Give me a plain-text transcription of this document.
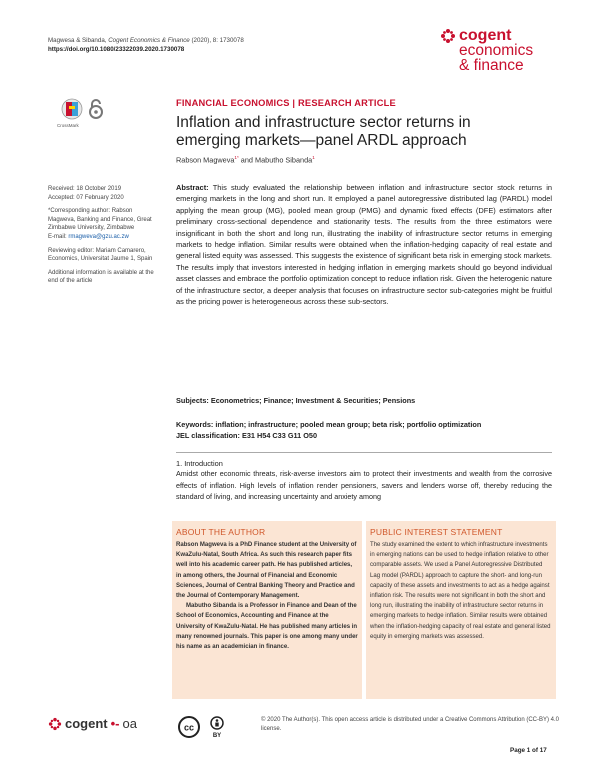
Magwesa & Sibanda, Cogent Economics & Finance (2020), 8: 1730078
https://doi.org/10.1080/23322039.2020.1730078
cogent
economics
& finance
CrossMark
FINANCIAL ECONOMICS | RESEARCH ARTICLE
Inflation and infrastructure sector returns in
emerging markets—panel ARDL approach
Rabson Magweva$^{1*}$ and Mabutho Sibanda$^1$

Received: 18 October 2019
Accepted: 07 February 2020

*Corresponding author: Rabson Magweva, Banking and Finance, Great Zimbabwe University, Zimbabwe
E-mail: rmagweva@gzu.ac.zw

Reviewing editor: Mariam Camarero, Economics, Universitat Jaume 1, Spain

Additional information is available at the end of the article

Abstract: This study evaluated the relationship between inflation and infrastructure sector stock returns in emerging markets in the long and short run. It employed a panel autoregressive distributed lag (PARDL) model applying the mean group (MG), pooled mean group (PMG) and dynamic fixed effects (DFE) estimators after preliminary cross-sectional dependence and stationarity tests. The results from the three estimators were insignificant in both the short and long run, illustrating the inability of infrastructure sector returns in emerging markets to hedge inflation. Similar results were obtained when the inflation-hedging capacity of real estate and general listed equity was assessed. This suggests the existence of significant beta risk in emerging stock markets. The results imply that investors interested in hedging inflation in emerging markets should go beyond individual asset classes and embrace the portfolio optimization concept to reduce inflation risk. Given the heterogenic nature of the infrastructure sector, a deeper analysis that focuses on infrastructure sector sub-categories might be fruitful as the pricing power is heterogeneous across these sub-sectors.
Subjects: Econometrics; Finance; Investment & Securities; Pensions
Keywords: inflation; infrastructure; pooled mean group; beta risk; portfolio optimization
JEL classification: E31 H54 C33 G11 O50
1. Introduction
Amidst other economic threats, risk-averse investors aim to protect their investments and wealth from the corrosive effects of inflation. High levels of inflation render pensioners, savers and lenders worse off, thereby reducing the standard of living, and increasing uncertainty and anxiety among
ABOUT THE AUTHOR

Rabson Magweva is a PhD Finance student at the University of KwaZulu-Natal, South Africa. As such this research paper fits well into his academic career path. He has published articles, in among others, the Journal of Financial and Economic Sciences, Journal of Central Banking Theory and Practice and the Journal of Contemporary Management.

Mabutho Sibanda is a Professor in Finance and Dean of the School of Economics, Accounting and Finance at the University of KwaZulu-Natal. He has published many articles in many renowned journals. This paper is one among many under his name as an academician in finance.

PUBLIC INTEREST STATEMENT

The study examined the extent to which infrastructure investments in emerging nations can be used to hedge inflation relative to other comparable assets. We used a Panel Autoregressive Distributed Lag model (PARDL) approach to capture the short- and long-run capacity of these assets and investments to act as a hedge against inflation risk. The results were not significant in both the short and long run, illustrating the inability of infrastructure sector returns in emerging markets to hedge inflation. Similar results were obtained when the inflation-hedging capacity of real estate and general listed equity in emerging markets was assessed.

cogent •- oa	cc
BY
© 2020 The Author(s). This open access article is distributed under a Creative Commons Attribution (CC-BY) 4.0 license.
Page 1 of 17
